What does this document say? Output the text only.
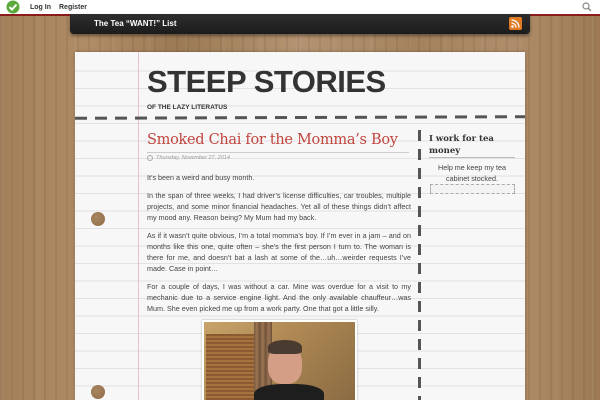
Log In Register
The Tea “WANT!” List
STEEP STORIES
OF THE LAZY LITERATUS
Smoked Chai for the Momma’s Boy
Thursday, November 27, 2014

It’s been a weird and busy month.

In the span of three weeks, I had driver’s license difficulties, car troubles, multiple projects, and some minor financial headaches. Yet all of these things didn’t affect my mood any. Reason being? My Mum had my back.

As if it wasn’t quite obvious, I’m a total momma’s boy. If I’m ever in a jam – and on months like this one, quite often – she’s the first person I turn to. The woman is there for me, and doesn’t bat a lash at some of the…uh…weirder requests I’ve made. Case in point…

For a couple of days, I was without a car. Mine was overdue for a visit to my mechanic due to a service engine light. And the only available chauffeur…was Mum. She even picked me up from a work party. One that got a little silly.

I work for tea money
Help me keep my tea cabinet stocked.
